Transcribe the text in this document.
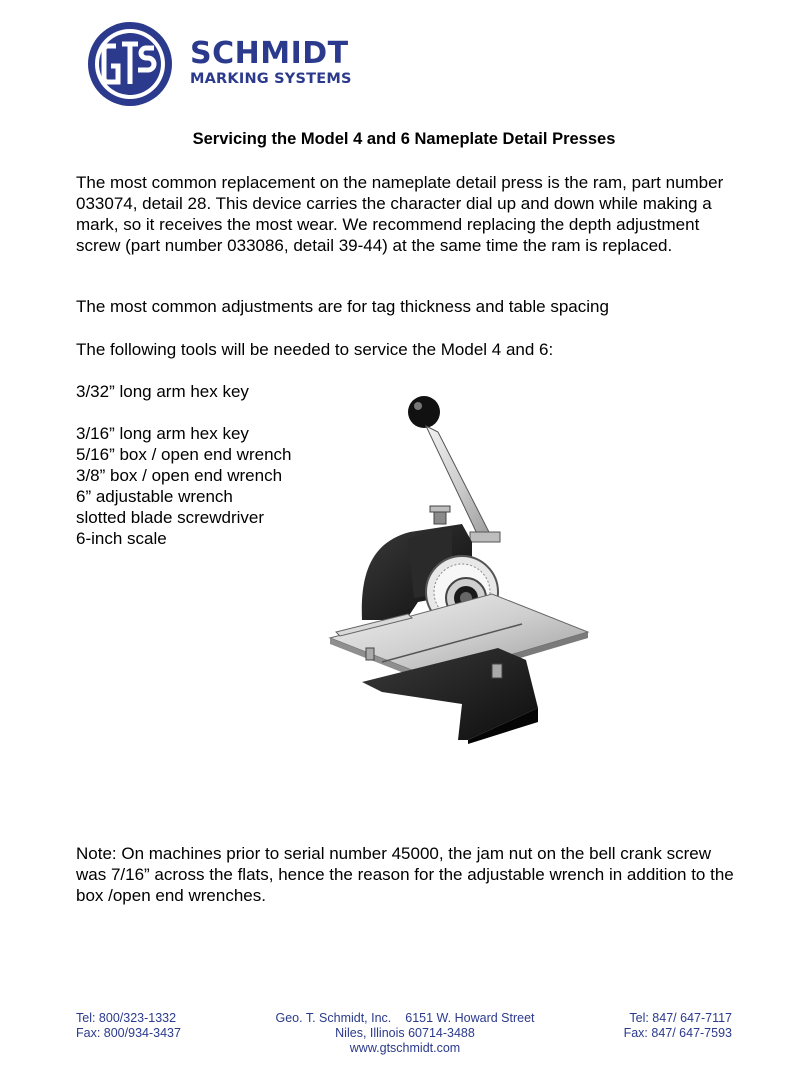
SCHMIDT
MARKING SYSTEMS
Servicing the Model 4 and 6 Nameplate Detail Presses
The most common replacement on the nameplate detail press is the ram, part number 033074, detail 28. This device carries the character dial up and down while making a mark, so it receives the most wear. We recommend replacing the depth adjustment screw (part number 033086, detail 39-44) at the same time the ram is replaced.
The most common adjustments are for tag thickness and table spacing
The following tools will be needed to service the Model 4 and 6:
3/32” long arm hex key
3/16” long arm hex key
5/16” box / open end wrench
3/8” box / open end wrench
6” adjustable wrench
slotted blade screwdriver
6-inch scale
Note: On machines prior to serial number 45000, the jam nut on the bell crank screw was 7/16” across the flats, hence the reason for the adjustable wrench in addition to the box /open end wrenches.
Tel: 800/323-1332
Fax: 800/934-3437
Geo. T. Schmidt, Inc. 6151 W. Howard Street
Niles, Illinois 60714-3488
www.gtschmidt.com
Tel: 847/ 647-7117
Fax: 847/ 647-7593
